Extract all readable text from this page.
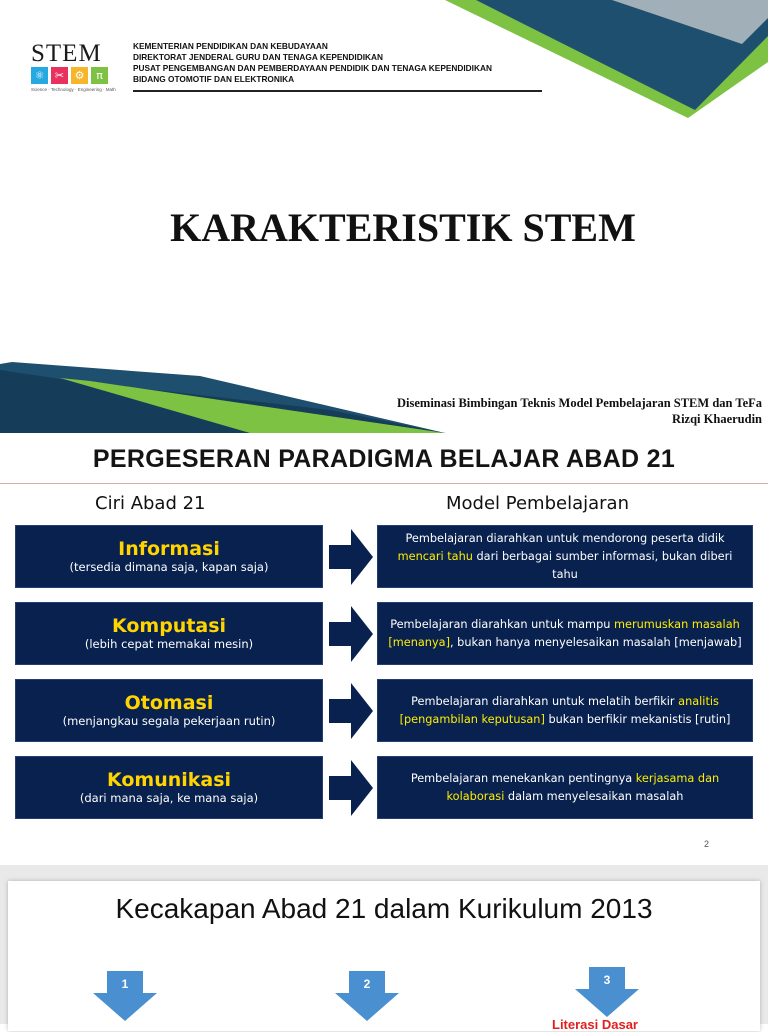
STEM
⚛ ✂ ⚙	π
Science · Technology · Engineering · Math
KEMENTERIAN PENDIDIKAN DAN KEBUDAYAAN
DIREKTORAT JENDERAL GURU DAN TENAGA KEPENDIDIKAN
PUSAT PENGEMBANGAN DAN PEMBERDAYAAN PENDIDIK DAN TENAGA KEPENDIDIKAN
BIDANG OTOMOTIF DAN ELEKTRONIKA
KARAKTERISTIK STEM
Diseminasi Bimbingan Teknis Model Pembelajaran STEM dan TeFa
Rizqi Khaerudin
PERGESERAN PARADIGMA BELAJAR ABAD 21
Ciri Abad 21	Model Pembelajaran
Informasi
(tersedia dimana saja, kapan saja)
Pembelajaran diarahkan untuk mendorong peserta didik mencari tahu dari berbagai sumber informasi, bukan diberi tahu
Komputasi
(lebih cepat memakai mesin)
Pembelajaran diarahkan untuk mampu merumuskan masalah [menanya], bukan hanya menyelesaikan masalah [menjawab]
Otomasi
(menjangkau segala pekerjaan rutin)
Pembelajaran diarahkan untuk melatih berfikir analitis [pengambilan keputusan] bukan berfikir mekanistis [rutin]
Komunikasi
(dari mana saja, ke mana saja)
Pembelajaran menekankan pentingnya kerjasama dan kolaborasi dalam menyelesaikan masalah
2
Kecakapan Abad 21 dalam Kurikulum 2013
1	2	3
Literasi Dasar
